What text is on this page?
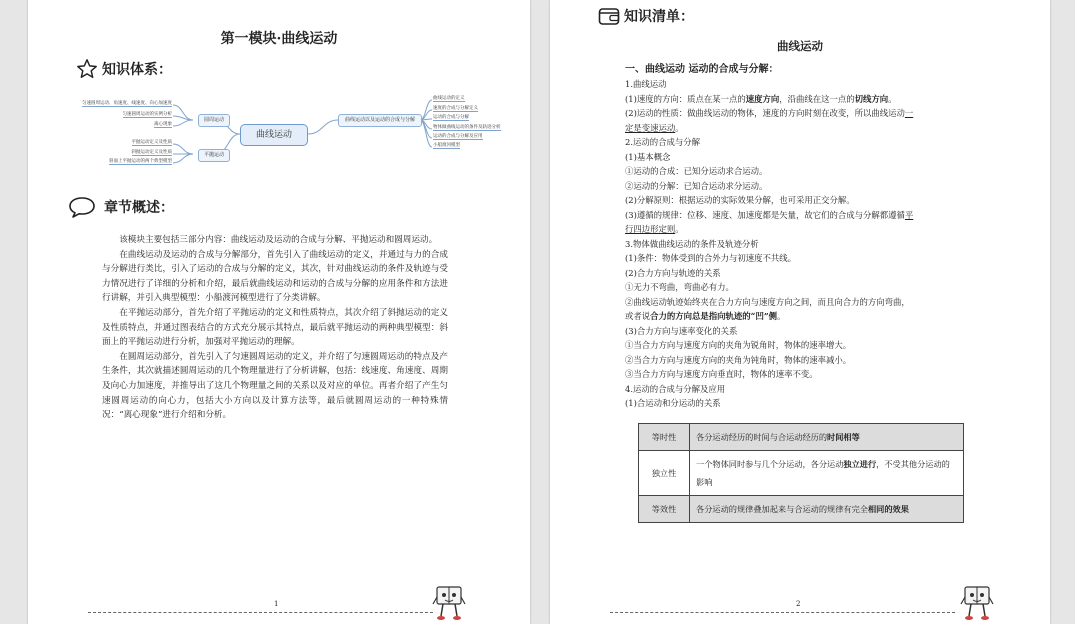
第一模块·曲线运动
知识体系：
曲线运动
圆周运动
平抛运动
曲线运动以及运动的合成与分解
匀速圆周运动、角速度、线速度、向心加速度
匀速圆周运动的实例分析
离心现象
平抛运动定义及性质
斜抛运动定义及性质
斜面上平抛运动的两个典型模型
曲线运动的定义
速度的合成与分解定义
运动的合成与分解
物体做曲线运动的条件及轨迹分析
运动的合成与分解及应用
小船渡河模型
章节概述：

该模块主要包括三部分内容：曲线运动及运动的合成与分解、平抛运动和圆周运动。

在曲线运动及运动的合成与分解部分，首先引入了曲线运动的定义，并通过与力的合成与分解进行类比，引入了运动的合成与分解的定义，其次，针对曲线运动的条件及轨迹与受力情况进行了详细的分析和介绍，最后就曲线运动和运动的合成与分解的应用条件和方法进行讲解，并引入典型模型：小船渡河模型进行了分类讲解。

在平抛运动部分，首先介绍了平抛运动的定义和性质特点，其次介绍了斜抛运动的定义及性质特点，并通过图表结合的方式充分展示其特点，最后就平抛运动的两种典型模型：斜面上的平抛运动进行分析，加强对平抛运动的理解。

在圆周运动部分，首先引入了匀速圆周运动的定义，并介绍了匀速圆周运动的特点及产生条件，其次就描述圆周运动的几个物理量进行了分析讲解，包括：线速度、角速度、周期及向心力加速度，并推导出了这几个物理量之间的关系以及对应的单位。再者介绍了产生匀速圆周运动的向心力，包括大小方向以及计算方法等，最后就圆周运动的一种特殊情况：“离心现象”进行介绍和分析。

1
知识清单：
曲线运动
一、曲线运动 运动的合成与分解：
1.曲线运动
(1)速度的方向：质点在某一点的速度方向，沿曲线在这一点的切线方向。
(2)运动的性质：做曲线运动的物体，速度的方向时刻在改变，所以曲线运动一
定是变速运动。
2.运动的合成与分解
(1)基本概念
①运动的合成：已知分运动求合运动。
②运动的分解：已知合运动求分运动。
(2)分解原则：根据运动的实际效果分解，也可采用正交分解。
(3)遵循的规律：位移、速度、加速度都是矢量，故它们的合成与分解都遵循平
行四边形定则。
3.物体做曲线运动的条件及轨迹分析
(1)条件：物体受到的合外力与初速度不共线。
(2)合力方向与轨迹的关系
①无力不弯曲，弯曲必有力。
②曲线运动轨迹始终夹在合力方向与速度方向之间，而且向合力的方向弯曲，
或者说合力的方向总是指向轨迹的“凹”侧。
(3)合力方向与速率变化的关系
①当合力方向与速度方向的夹角为锐角时，物体的速率增大。
②当合力方向与速度方向的夹角为钝角时，物体的速率减小。
③当合力方向与速度方向垂直时，物体的速率不变。
4.运动的合成与分解及应用
(1)合运动和分运动的关系
等时性	各分运动经历的时间与合运动经历的时间相等
独立性	一个物体同时参与几个分运动，各分运动独立进行，不受其他分运动的影响
等效性	各分运动的规律叠加起来与合运动的规律有完全相同的效果
2
